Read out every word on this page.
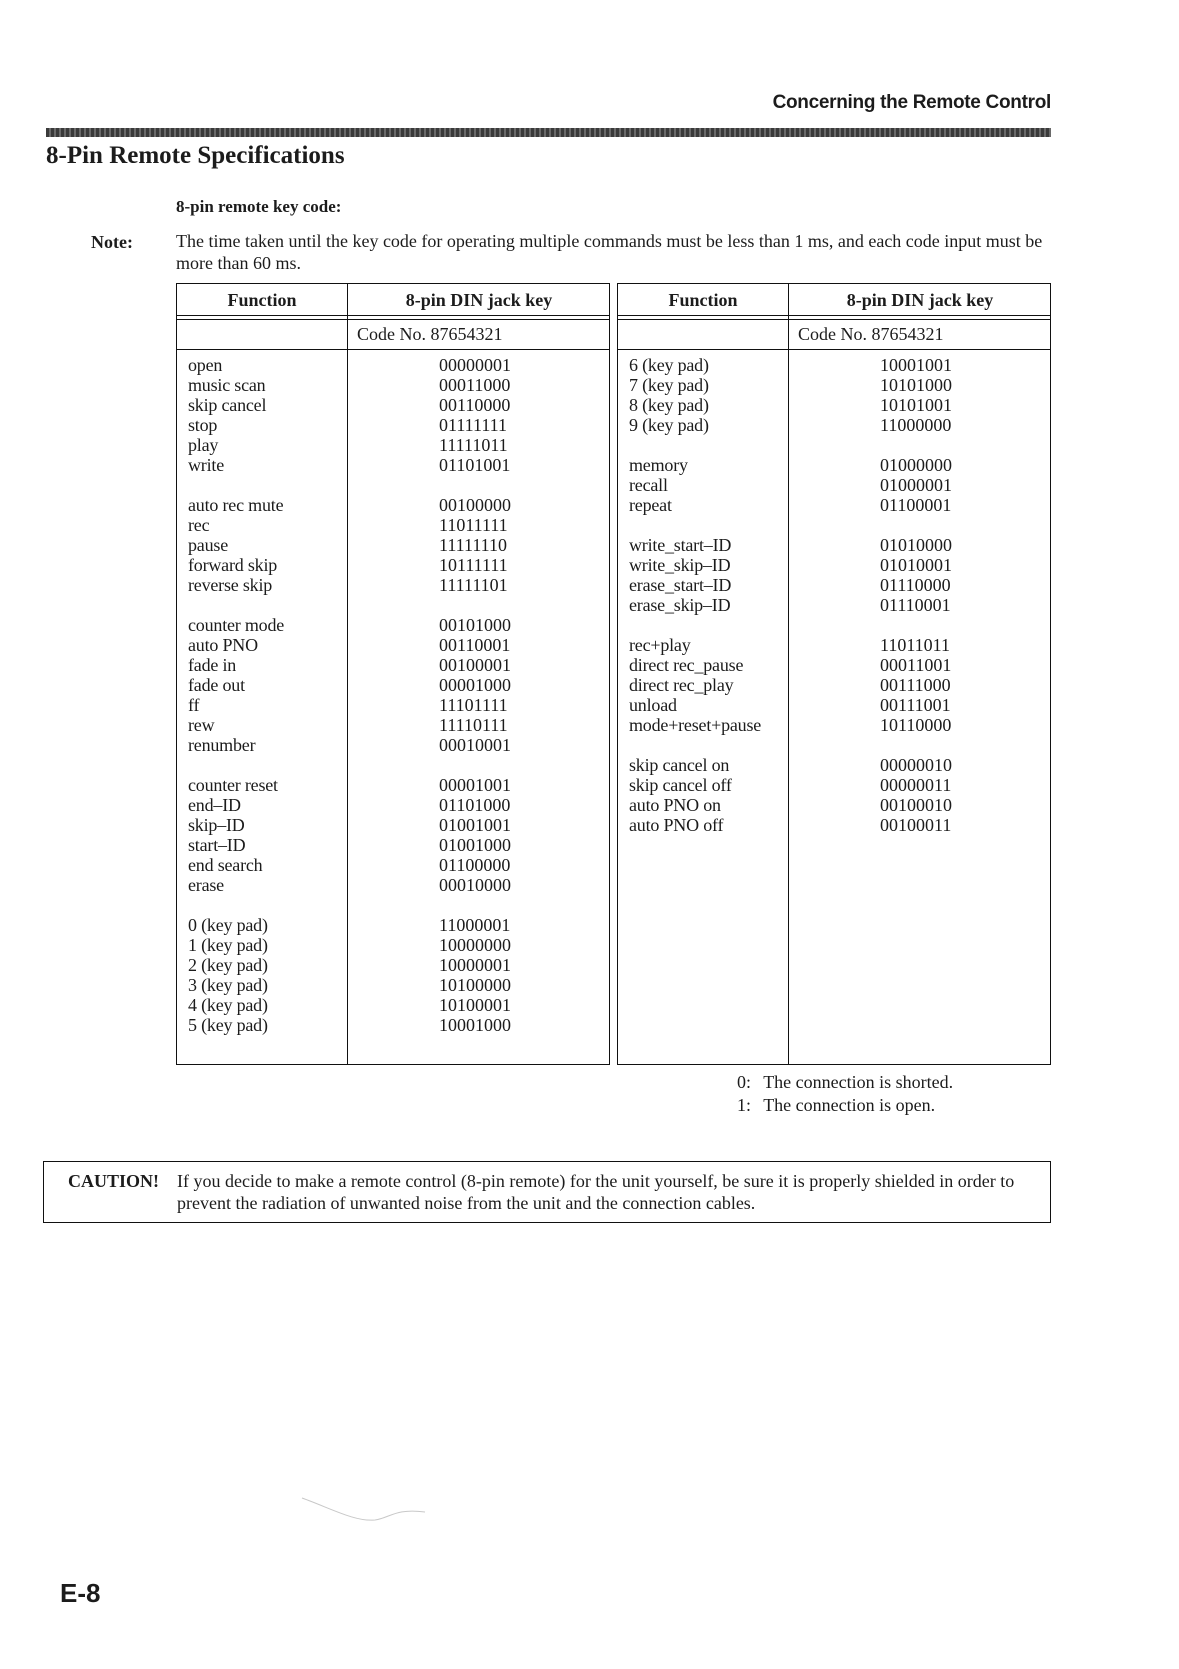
Concerning the Remote Control
8-Pin Remote Specifications
8-pin remote key code:
Note: The time taken until the key code for operating multiple commands must be less than 1 ms, and each code input must be more than 60 ms.
Function	8-pin DIN jack key
Code No. 87654321
open	00000001
music scan	00011000
skip cancel	00110000
stop	01111111
play	11111011
write	01101001
auto rec mute	00100000
rec	11011111
pause	11111110
forward skip	10111111
reverse skip	11111101
counter mode	00101000
auto PNO	00110001
fade in	00100001
fade out	00001000
ff	11101111
rew	11110111
renumber	00010001
counter reset	00001001
end–ID	01101000
skip–ID	01001001
start–ID	01001000
end search	01100000
erase	00010000
0 (key pad)	11000001
1 (key pad)	10000000
2 (key pad)	10000001
3 (key pad)	10100000
4 (key pad)	10100001
5 (key pad)	10001000
Function	8-pin DIN jack key
Code No. 87654321
6 (key pad)	10001001
7 (key pad)	10101000
8 (key pad)	10101001
9 (key pad)	11000000
memory	01000000
recall	01000001
repeat	01100001
write_start–ID	01010000
write_skip–ID	01010001
erase_start–ID	01110000
erase_skip–ID	01110001
rec+play	11011011
direct rec_pause	00011001
direct rec_play	00111000
unload	00111001
mode+reset+pause	10110000
skip cancel on	00000010
skip cancel off	00000011
auto PNO on	00100010
auto PNO off	00100011
0: The connection is shorted.
1: The connection is open.
CAUTION! If you decide to make a remote control (8-pin remote) for the unit yourself, be sure it is properly shielded in order to prevent the radiation of unwanted noise from the unit and the connection cables.
E-8
